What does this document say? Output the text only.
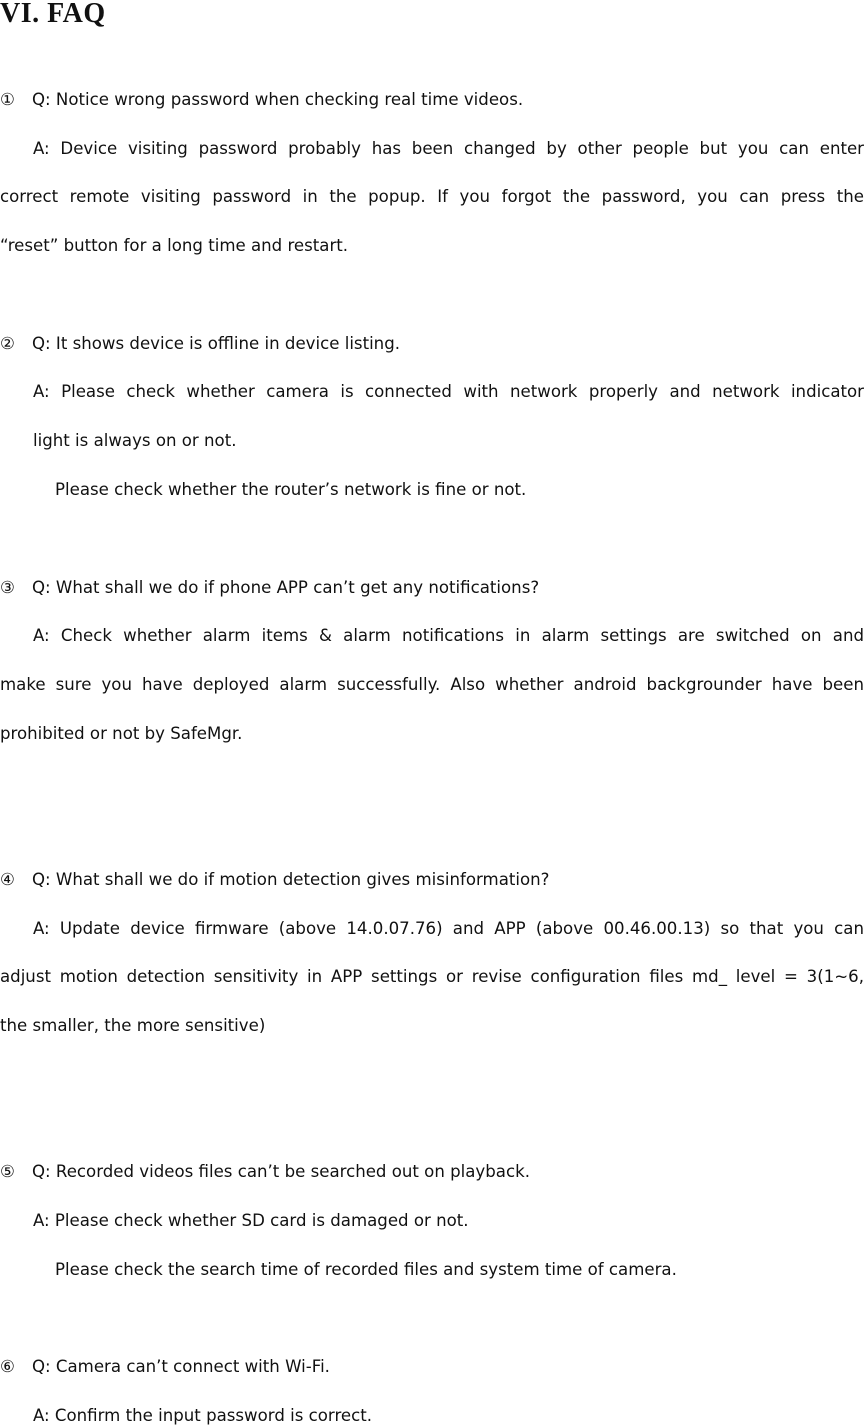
VI. FAQ
① Q: Notice wrong password when checking real time videos.
A: Device visiting password probably has been changed by other people but you can enter
correct remote visiting password in the popup. If you forgot the password, you can press the
“reset” button for a long time and restart.
② Q: It shows device is offline in device listing.
A: Please check whether camera is connected with network properly and network indicator
light is always on or not.
Please check whether the router’s network is fine or not.
③ Q: What shall we do if phone APP can’t get any notifications?
A: Check whether alarm items & alarm notifications in alarm settings are switched on and
make sure you have deployed alarm successfully. Also whether android backgrounder have been
prohibited or not by SafeMgr.
④ Q: What shall we do if motion detection gives misinformation?
A: Update device firmware (above 14.0.07.76) and APP (above 00.46.00.13) so that you can
adjust motion detection sensitivity in APP settings or revise configuration files md_ level = 3(1~6,
the smaller, the more sensitive)
⑤ Q: Recorded videos files can’t be searched out on playback.
A: Please check whether SD card is damaged or not.
Please check the search time of recorded files and system time of camera.
⑥ Q: Camera can’t connect with Wi-Fi.
A: Confirm the input password is correct.
